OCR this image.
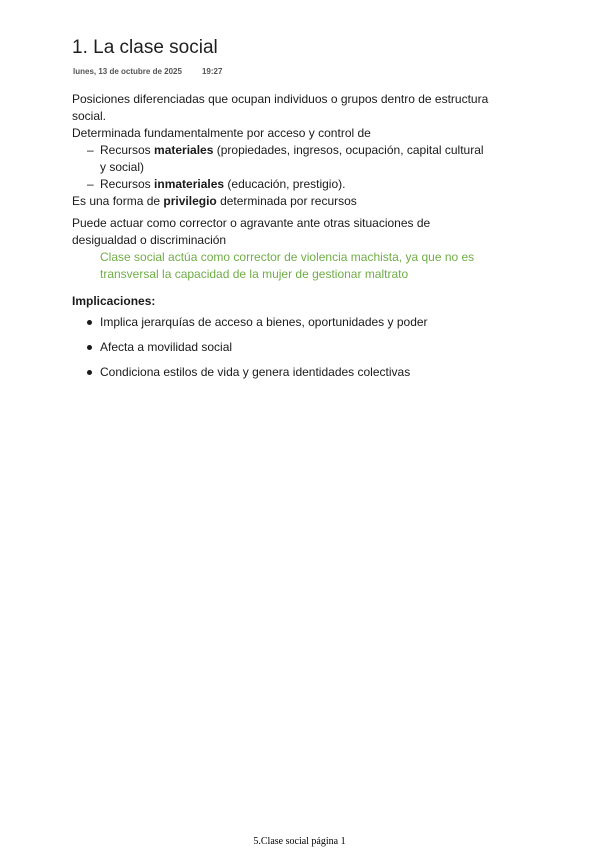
1. La clase social
lunes, 13 de octubre de 2025	19:27

Posiciones diferenciadas que ocupan individuos o grupos dentro de estructura social.

Determinada fundamentalmente por acceso y control de

– Recursos materiales (propiedades, ingresos, ocupación, capital cultural y social)
– Recursos inmateriales (educación, prestigio).

Es una forma de privilegio determinada por recursos

Puede actuar como corrector o agravante ante otras situaciones de desigualdad o discriminación

Clase social actúa como corrector de violencia machista, ya que no es transversal la capacidad de la mujer de gestionar maltrato

Implicaciones:

Implica jerarquías de acceso a bienes, oportunidades y poder
Afecta a movilidad social
Condiciona estilos de vida y genera identidades colectivas
5.Clase social página 1
